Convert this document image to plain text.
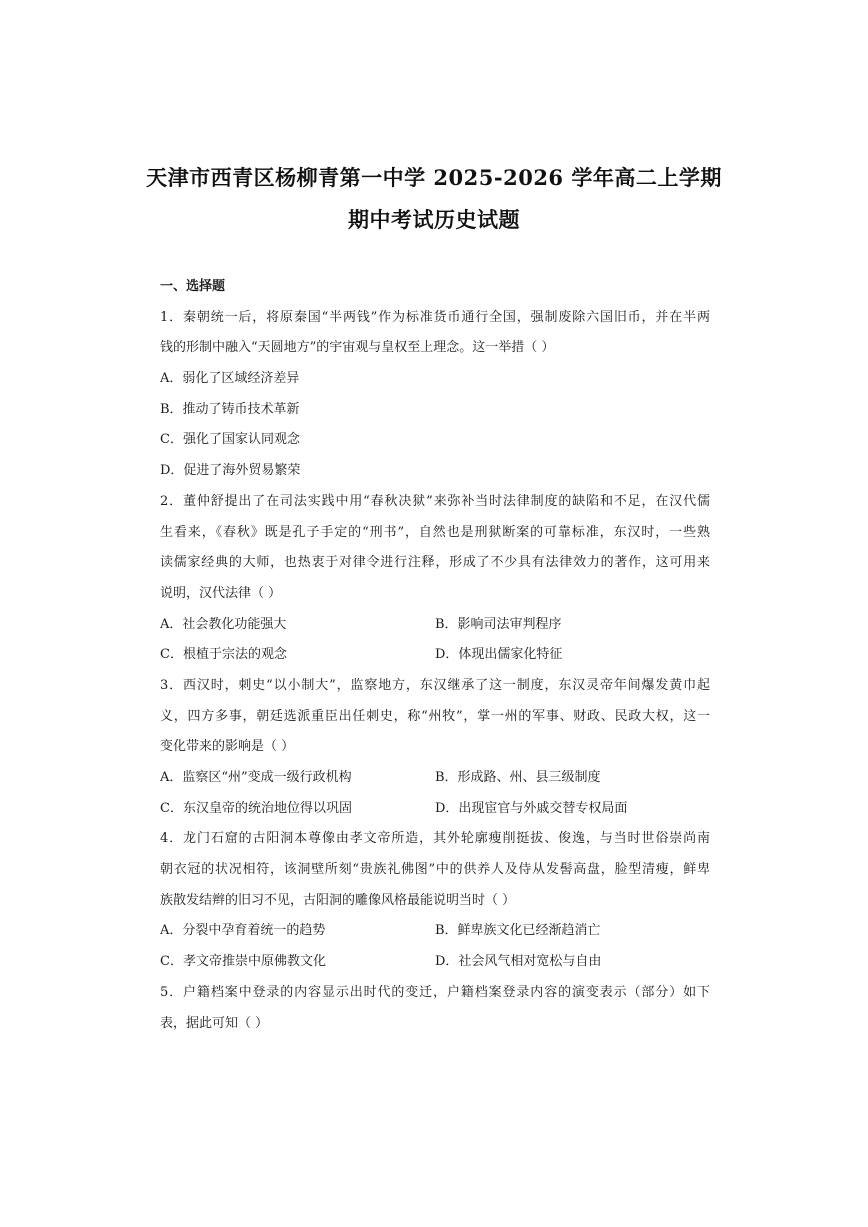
天津市西青区杨柳青第一中学 2025-2026 学年高二上学期
期中考试历史试题
一、选择题
1．秦朝统一后，将原秦国“半两钱”作为标准货币通行全国，强制废除六国旧币，并在半两
钱的形制中融入“天圆地方”的宇宙观与皇权至上理念。这一举措（ ）
A．弱化了区域经济差异
B．推动了铸币技术革新
C．强化了国家认同观念
D．促进了海外贸易繁荣
2．董仲舒提出了在司法实践中用“春秋决狱”来弥补当时法律制度的缺陷和不足，在汉代儒
生看来，《春秋》既是孔子手定的“刑书”，自然也是刑狱断案的可靠标准，东汉时，一些熟
读儒家经典的大师，也热衷于对律令进行注释，形成了不少具有法律效力的著作，这可用来
说明，汉代法律（ ）
A．社会教化功能强大	B．影响司法审判程序
C．根植于宗法的观念	D．体现出儒家化特征
3．西汉时，刺史“以小制大”，监察地方，东汉继承了这一制度，东汉灵帝年间爆发黄巾起
义，四方多事，朝廷选派重臣出任刺史，称“州牧”，掌一州的军事、财政、民政大权，这一
变化带来的影响是（ ）
A．监察区“州”变成一级行政机构	B．形成路、州、县三级制度
C．东汉皇帝的统治地位得以巩固	D．出现宦官与外戚交替专权局面
4．龙门石窟的古阳洞本尊像由孝文帝所造，其外轮廓瘦削挺拔、俊逸，与当时世俗崇尚南
朝衣冠的状况相符，该洞壁所刻“贵族礼佛图”中的供养人及侍从发髻高盘，脸型清瘦，鲜卑
族散发结辫的旧习不见，古阳洞的雕像风格最能说明当时（ ）
A．分裂中孕育着统一的趋势	B．鲜卑族文化已经渐趋消亡
C．孝文帝推崇中原佛教文化	D．社会风气相对宽松与自由
5．户籍档案中登录的内容显示出时代的变迁，户籍档案登录内容的演变表示（部分）如下
表，据此可知（ ）
